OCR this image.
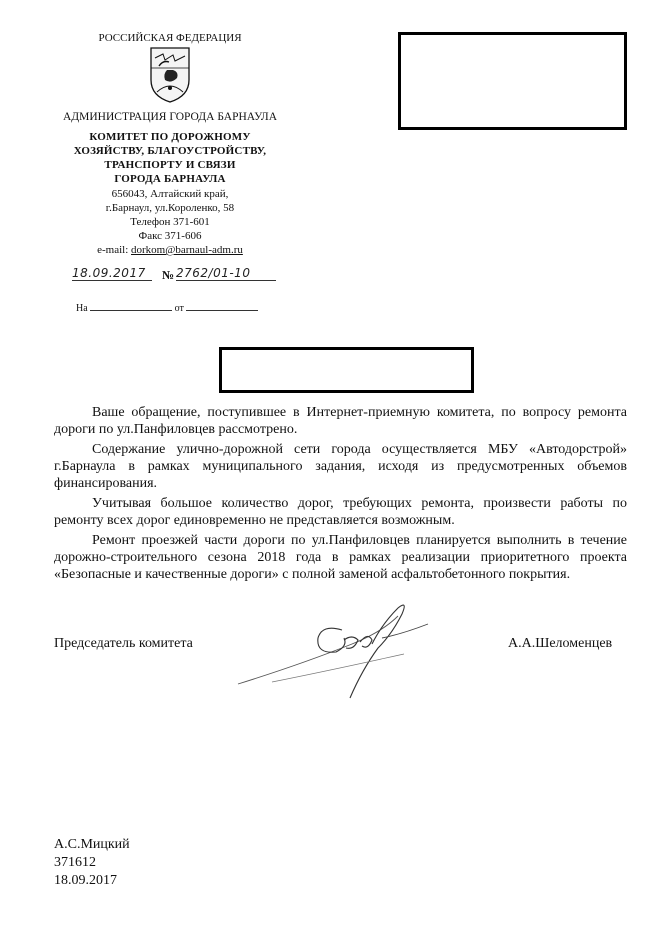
РОССИЙСКАЯ ФЕДЕРАЦИЯ
АДМИНИСТРАЦИЯ ГОРОДА БАРНАУЛА
КОМИТЕТ ПО ДОРОЖНОМУ
ХОЗЯЙСТВУ, БЛАГОУСТРОЙСТВУ,
ТРАНСПОРТУ И СВЯЗИ
ГОРОДА БАРНАУЛА
656043, Алтайский край,
г.Барнаул, ул.Короленко, 58
Телефон 371-601
Факс 371-606
e-mail: dorkom@barnaul-adm.ru
18.09.2017	№ 2762/01-10
На	от

Ваше обращение, поступившее в Интернет-приемную комитета, по вопросу ремонта дороги по ул.Панфиловцев рассмотрено.

Содержание улично-дорожной сети города осуществляется МБУ «Автодорстрой» г.Барнаула в рамках муниципального задания, исходя из предусмотренных объемов финансирования.

Учитывая большое количество дорог, требующих ремонта, произвести работы по ремонту всех дорог единовременно не представляется возможным.

Ремонт проезжей части дороги по ул.Панфиловцев планируется выполнить в течение дорожно-строительного сезона 2018 года в рамках реализации приоритетного проекта «Безопасные и качественные дороги» с полной заменой асфальтобетонного покрытия.

Председатель комитета	А.А.Шеломенцев
А.С.Мицкий
371612
18.09.2017
